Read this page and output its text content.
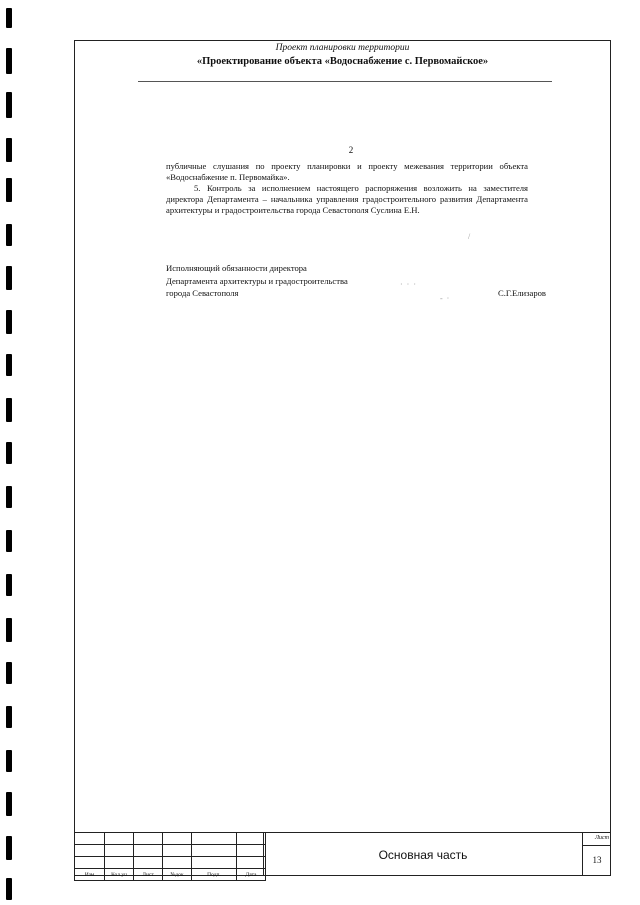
Проект планировки территории
«Проектирование объекта «Водоснабжение с. Первомайское»
2

публичные слушания по проекту планировки и проекту межевания территории объекта «Водоснабжение п. Первомайка».

5. Контроль за исполнением настоящего распоряжения возложить на заместителя директора Департамента – начальника управления градостроительного развития Департамента архитектуры и градостроительства города Севастополя Суслина Е.Н.

Исполняющий обязанности директора
Департамента архитектуры и градостроительства
города Севастополя	С.Г.Елизаров
· · ·
- ·
/

Изм	Кол.уч	Лист	№док	Подп.	Дата
Основная часть
Лист
13
